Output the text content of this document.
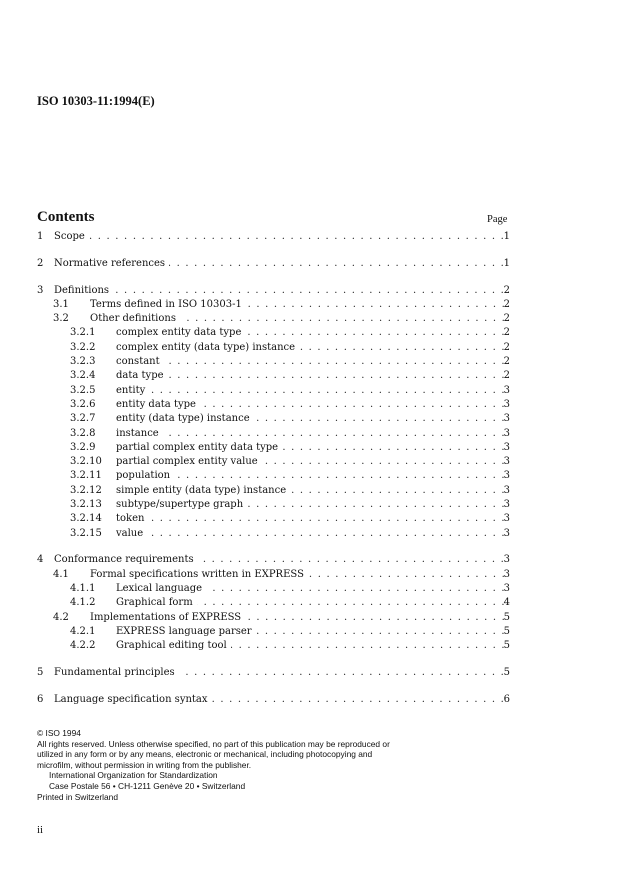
ISO 10303-11:1994(E)
Contents	Page
1 Scope . . .	1
2 Normative references . . .	1
3 Definitions . . .	2
3.1 Terms defined in ISO 10303-1 . . .	2
3.2 Other definitions . . .	2
3.2.1 complex entity data type . . .	2
3.2.2 complex entity (data type) instance . . .	2
3.2.3 constant . . .	2
3.2.4 data type . . .	2
3.2.5 entity . . .	3
3.2.6 entity data type . . .	3
3.2.7 entity (data type) instance . . .	3
3.2.8 instance . . .	3
3.2.9 partial complex entity data type . . .	3
3.2.10 partial complex entity value . . .	3
3.2.11 population . . .	3
3.2.12 simple entity (data type) instance . . .	3
3.2.13 subtype/supertype graph . . .	3
3.2.14 token . . .	3
3.2.15 value . . .	3
4 Conformance requirements . . .	3
4.1 Formal specifications written in EXPRESS . . .	3
4.1.1 Lexical language . . .	3
4.1.2 Graphical form . . .	4
4.2 Implementations of EXPRESS . . .	5
4.2.1 EXPRESS language parser . . .	5
4.2.2 Graphical editing tool . . .	5
5 Fundamental principles . . .	5
6 Language specification syntax . . .	6
© ISO 1994
All rights reserved. Unless otherwise specified, no part of this publication may be reproduced or
utilized in any form or by any means, electronic or mechanical, including photocopying and
microfilm, without permission in writing from the publisher.
International Organization for Standardization
Case Postale 56 • CH-1211 Genève 20 • Switzerland
Printed in Switzerland
ii
